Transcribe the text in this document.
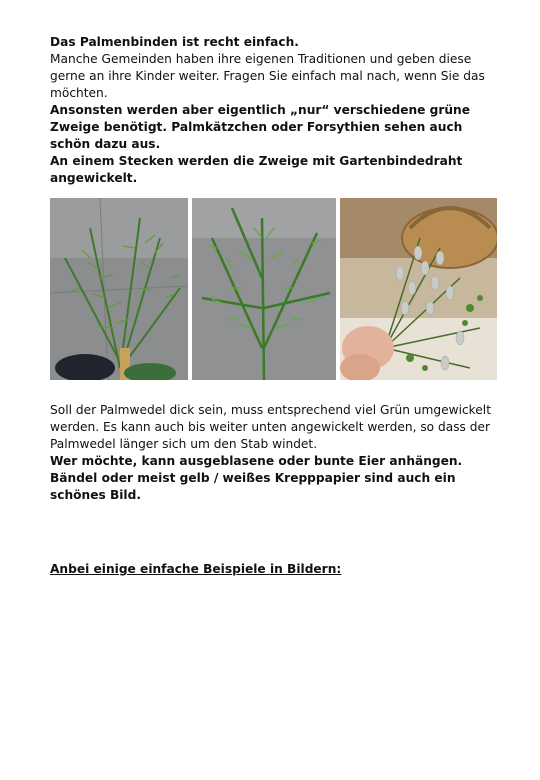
Das Palmenbinden ist recht einfach.

Manche Gemeinden haben ihre eigenen Traditionen und geben diese gerne an ihre Kinder weiter. Fragen Sie einfach mal nach, wenn Sie das möchten.

Ansonsten werden aber eigentlich „nur“ verschiedene grüne Zweige benötigt. Palmkätzchen oder Forsythien sehen auch schön dazu aus.

An einem Stecken werden die Zweige mit Gartenbindedraht angewickelt.

Soll der Palmwedel dick sein, muss entsprechend viel Grün umgewickelt werden. Es kann auch bis weiter unten angewickelt werden, so dass der Palmwedel länger sich um den Stab windet.

Wer möchte, kann ausgeblasene oder bunte Eier anhängen. Bändel oder meist gelb / weißes Krepppapier sind auch ein schönes Bild.

Anbei einige einfache Beispiele in Bildern:
